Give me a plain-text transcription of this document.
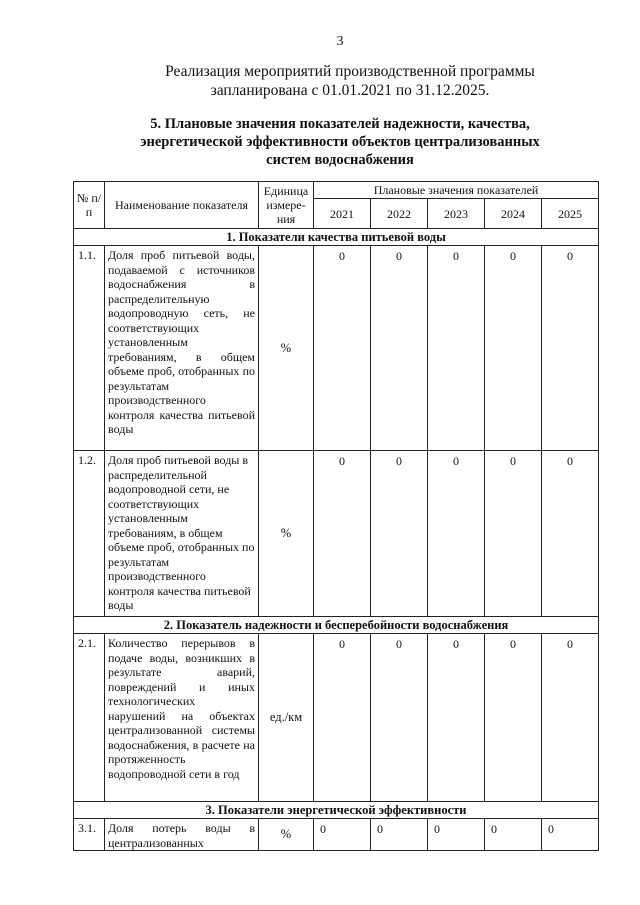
3
Реализация мероприятий производственной программы
запланирована с 01.01.2021 по 31.12.2025.
5. Плановые значения показателей надежности, качества,
энергетической эффективности объектов централизованных
систем водоснабжения
№ п/п	Наименование показателя	Единица измере-ния	Плановые значения показателей				
			2021	2022	2023	2024	2025
1. Показатели качества питьевой воды							
1.1.	Доля проб питьевой воды, подаваемой с источников водоснабжения в распределительную водопроводную сеть, не соответствующих установленным требованиям, в общем объеме проб, отобранных по результатам производственного контроля качества питьевой воды	%	0	0	0	0	0
1.2.	Доля проб питьевой воды в распределительной водопроводной сети, не соответствующих установленным требованиям, в общем объеме проб, отобранных по результатам производственного контроля качества питьевой воды	%	0	0	0	0	0
2. Показатель надежности и бесперебойности водоснабжения							
2.1.	Количество перерывов в подаче воды, возникших в результате аварий, повреждений и иных технологических нарушений на объектах централизованной системы водоснабжения, в расчете на протяженность водопроводной сети в год	ед./км	0	0	0	0	0
3. Показатели энергетической эффективности							
3.1.	Доля потерь воды в централизованных	%	0	0	0	0	0
